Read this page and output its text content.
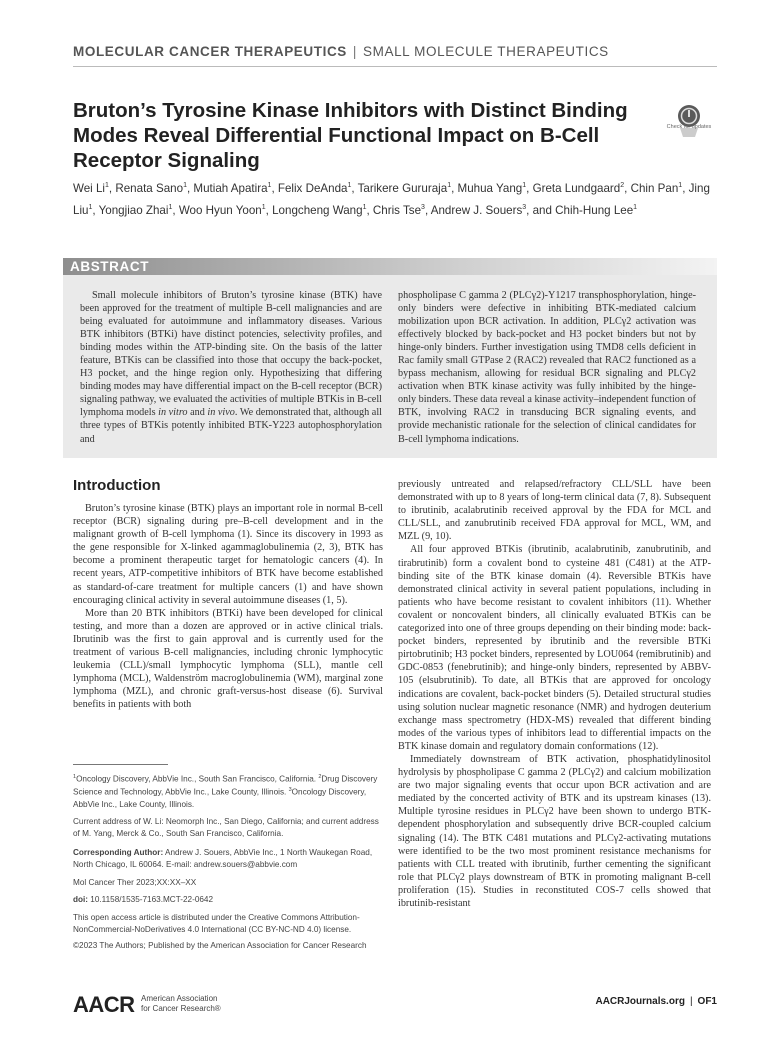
MOLECULAR CANCER THERAPEUTICS | SMALL MOLECULE THERAPEUTICS
Bruton’s Tyrosine Kinase Inhibitors with Distinct Binding Modes Reveal Differential Functional Impact on B-Cell Receptor Signaling
Check for updates
Wei Li$^1$, Renata Sano$^1$, Mutiah Apatira$^1$, Felix DeAnda$^1$, Tarikere Gururaja$^1$, Muhua Yang$^1$, Greta Lundgaard$^2$, Chin Pan$^1$, Jing Liu$^1$, Yongjiao Zhai$^1$, Woo Hyun Yoon$^1$, Longcheng Wang$^1$, Chris Tse$^3$, Andrew J. Souers$^3$, and Chih-Hung Lee$^1$
ABSTRACT

Small molecule inhibitors of Bruton’s tyrosine kinase (BTK) have been approved for the treatment of multiple B-cell malignancies and are being evaluated for autoimmune and inflammatory diseases. Various BTK inhibitors (BTKi) have distinct potencies, selectivity profiles, and binding modes within the ATP-binding site. On the basis of the latter feature, BTKis can be classified into those that occupy the back-pocket, H3 pocket, and the hinge region only. Hypothesizing that differing binding modes may have differential impact on the B-cell receptor (BCR) signaling pathway, we evaluated the activities of multiple BTKis in B-cell lymphoma models in vitro and in vivo. We demonstrated that, although all three types of BTKis potently inhibited BTK-Y223 autophosphorylation and

phospholipase C gamma 2 (PLCγ2)-Y1217 transphosphorylation, hinge-only binders were defective in inhibiting BTK-mediated calcium mobilization upon BCR activation. In addition, PLCγ2 activation was effectively blocked by back-pocket and H3 pocket binders but not by hinge-only binders. Further investigation using TMD8 cells deficient in Rac family small GTPase 2 (RAC2) revealed that RAC2 functioned as a bypass mechanism, allowing for residual BCR signaling and PLCγ2 activation when BTK kinase activity was fully inhibited by the hinge-only binders. These data reveal a kinase activity–independent function of BTK, involving RAC2 in transducing BCR signaling events, and provide mechanistic rationale for the selection of clinical candidates for B-cell lymphoma indications.

Introduction

Bruton’s tyrosine kinase (BTK) plays an important role in normal B-cell receptor (BCR) signaling during pre–B-cell development and in the malignant growth of B-cell lymphoma (1). Since its discovery in 1993 as the gene responsible for X-linked agammaglobulinemia (2, 3), BTK has become a prominent therapeutic target for hematologic cancers (4). In recent years, ATP-competitive inhibitors of BTK have become established as standard-of-care treatment for multiple cancers (1) and have shown encouraging clinical activity in several autoimmune diseases (1, 5).

More than 20 BTK inhibitors (BTKi) have been developed for clinical testing, and more than a dozen are approved or in active clinical trials. Ibrutinib was the first to gain approval and is currently used for the treatment of various B-cell malignancies, including chronic lymphocytic leukemia (CLL)/small lymphocytic lymphoma (SLL), mantle cell lymphoma (MCL), Waldenström macroglobulinemia (WM), marginal zone lymphoma (MZL), and chronic graft-versus-host disease (6). Survival benefits in patients with both

previously untreated and relapsed/refractory CLL/SLL have been demonstrated with up to 8 years of long-term clinical data (7, 8). Subsequent to ibrutinib, acalabrutinib received approval by the FDA for MCL and CLL/SLL, and zanubrutinib received FDA approval for MCL, WM, and MZL (9, 10).

All four approved BTKis (ibrutinib, acalabrutinib, zanubrutinib, and tirabrutinib) form a covalent bond to cysteine 481 (C481) at the ATP-binding site of the BTK kinase domain (4). Reversible BTKis have demonstrated clinical activity in several patient populations, including in patients who have become resistant to covalent inhibitors (11). Whether covalent or noncovalent binders, all clinically evaluated BTKis can be categorized into one of three groups depending on their binding mode: back-pocket binders, represented by ibrutinib and the reversible BTKi pirtobrutinib; H3 pocket binders, represented by LOU064 (remibrutinib) and GDC-0853 (fenebrutinib); and hinge-only binders, represented by ABBV-105 (elsubrutinib). To date, all BTKis that are approved for oncology indications are covalent, back-pocket binders (5). Detailed structural studies using solution nuclear magnetic resonance (NMR) and hydrogen deuterium exchange mass spectrometry (HDX-MS) revealed that different binding modes of the various types of inhibitors lead to differential impacts on the BTK kinase domain and regulatory domain conformations (12).

Immediately downstream of BTK activation, phosphatidylinositol hydrolysis by phospholipase C gamma 2 (PLCγ2) and calcium mobilization are two major signaling events that occur upon BCR activation and are mediated by the concerted activity of BTK and its upstream kinases (13). Multiple tyrosine residues in PLCγ2 have been shown to undergo BTK-dependent phosphorylation and subsequently drive BCR-coupled calcium signaling (14). The BTK C481 mutations and PLCγ2-activating mutations were identified to be the two most prominent resistance mechanisms for patients with CLL treated with ibrutinib, further cementing the significant role that PLCγ2 plays downstream of BTK in promoting malignant B-cell proliferation (15). Studies in reconstituted COS-7 cells showed that ibrutinib-resistant

$^1$Oncology Discovery, AbbVie Inc., South San Francisco, California. $^2$Drug Discovery Science and Technology, AbbVie Inc., Lake County, Illinois. $^3$Oncology Discovery, AbbVie Inc., Lake County, Illinois.
Current address of W. Li: Neomorph Inc., San Diego, California; and current address of M. Yang, Merck & Co., South San Francisco, California.
Corresponding Author: Andrew J. Souers, AbbVie Inc., 1 North Waukegan Road, North Chicago, IL 60064. E-mail: andrew.souers@abbvie.com
Mol Cancer Ther 2023;XX:XX–XX
doi: 10.1158/1535-7163.MCT-22-0642
This open access article is distributed under the Creative Commons Attribution-NonCommercial-NoDerivatives 4.0 International (CC BY-NC-ND 4.0) license.
©2023 The Authors; Published by the American Association for Cancer Research
AACR American Association
for Cancer Research®
AACRJournals.org | OF1
